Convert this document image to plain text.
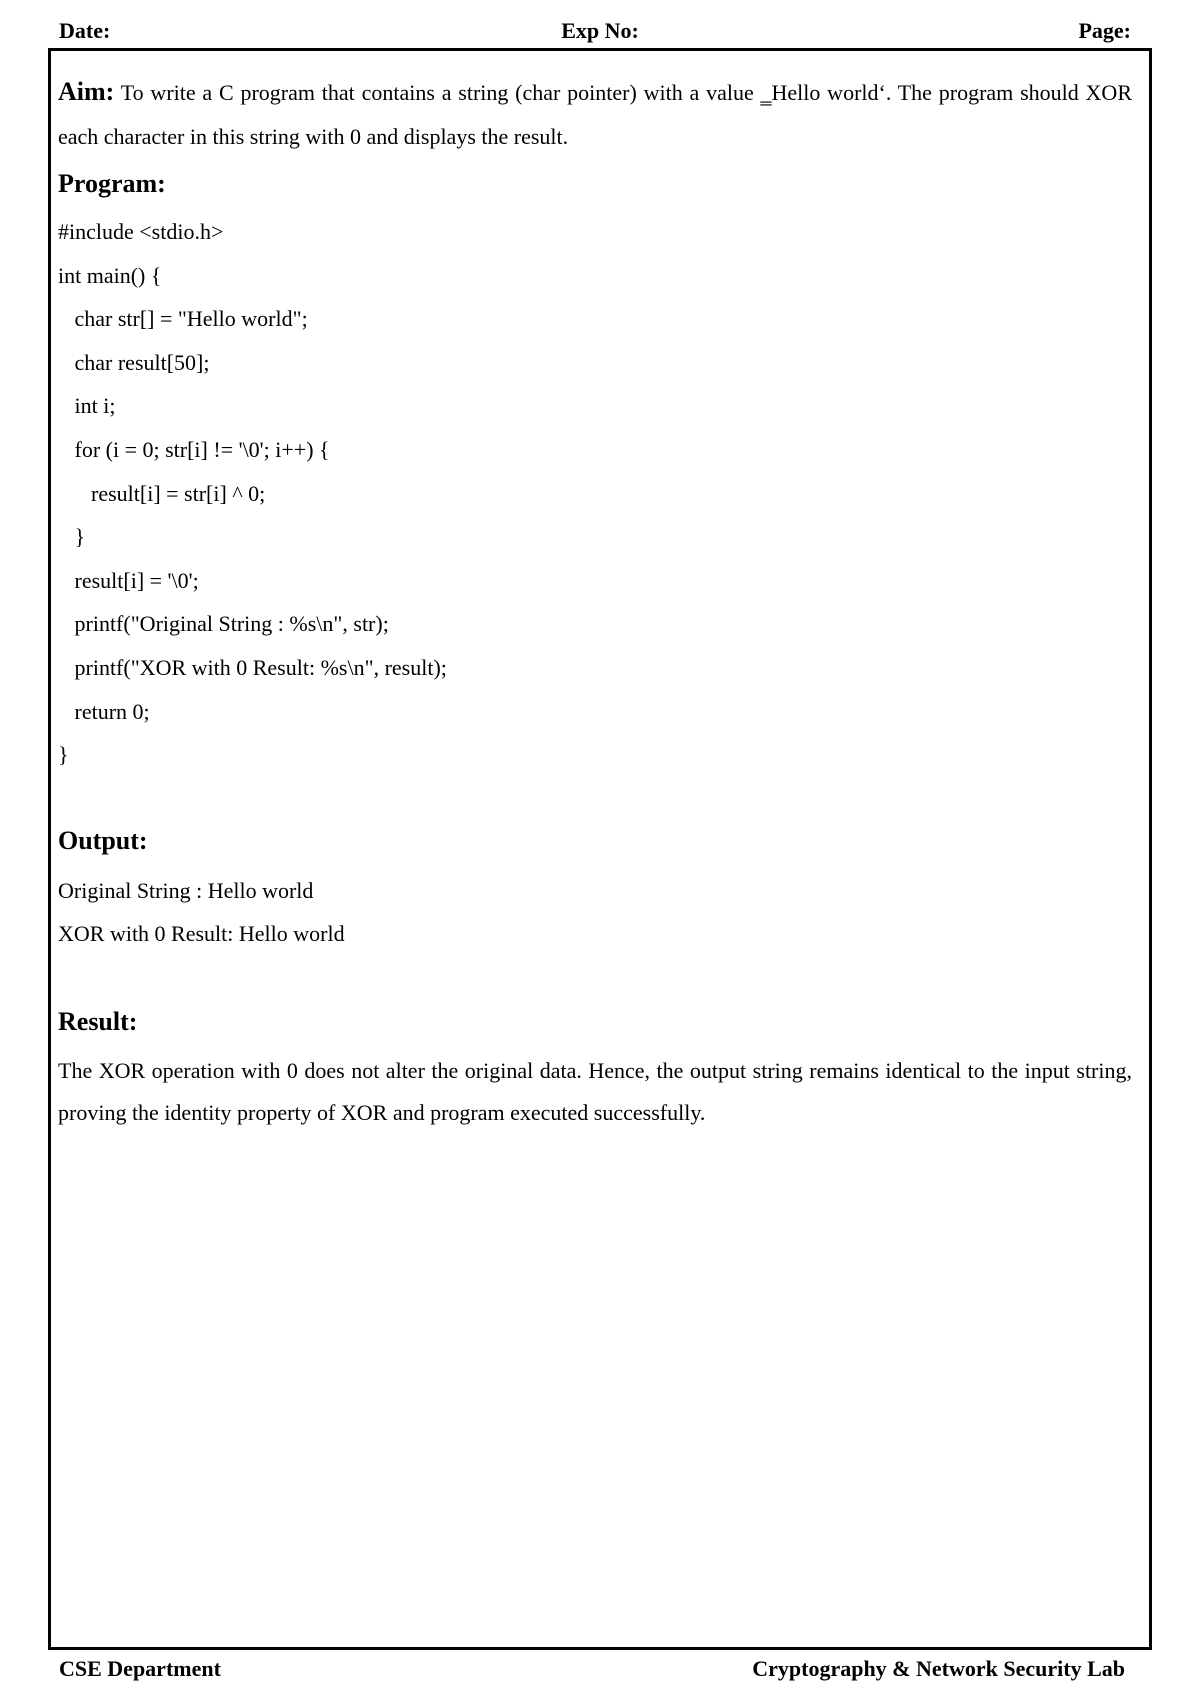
Date:	Exp No:	Page:

Aim: To write a C program that contains a string (char pointer) with a value ‗Hello world‘. The program should XOR each character in this string with 0 and displays the result.

Program:
#include <stdio.h>
int main() {
char str[] = "Hello world";
char result[50];
int i;
for (i = 0; str[i] != '\0'; i++) {
result[i] = str[i] ^ 0;
}
result[i] = '\0';
printf("Original String : %s\n", str);
printf("XOR with 0 Result: %s\n", result);
return 0;
}
Output:
Original String : Hello world
XOR with 0 Result: Hello world
Result:

The XOR operation with 0 does not alter the original data. Hence, the output string remains identical to the input string, proving the identity property of XOR and program executed successfully.

CSE Department	Cryptography & Network Security Lab
